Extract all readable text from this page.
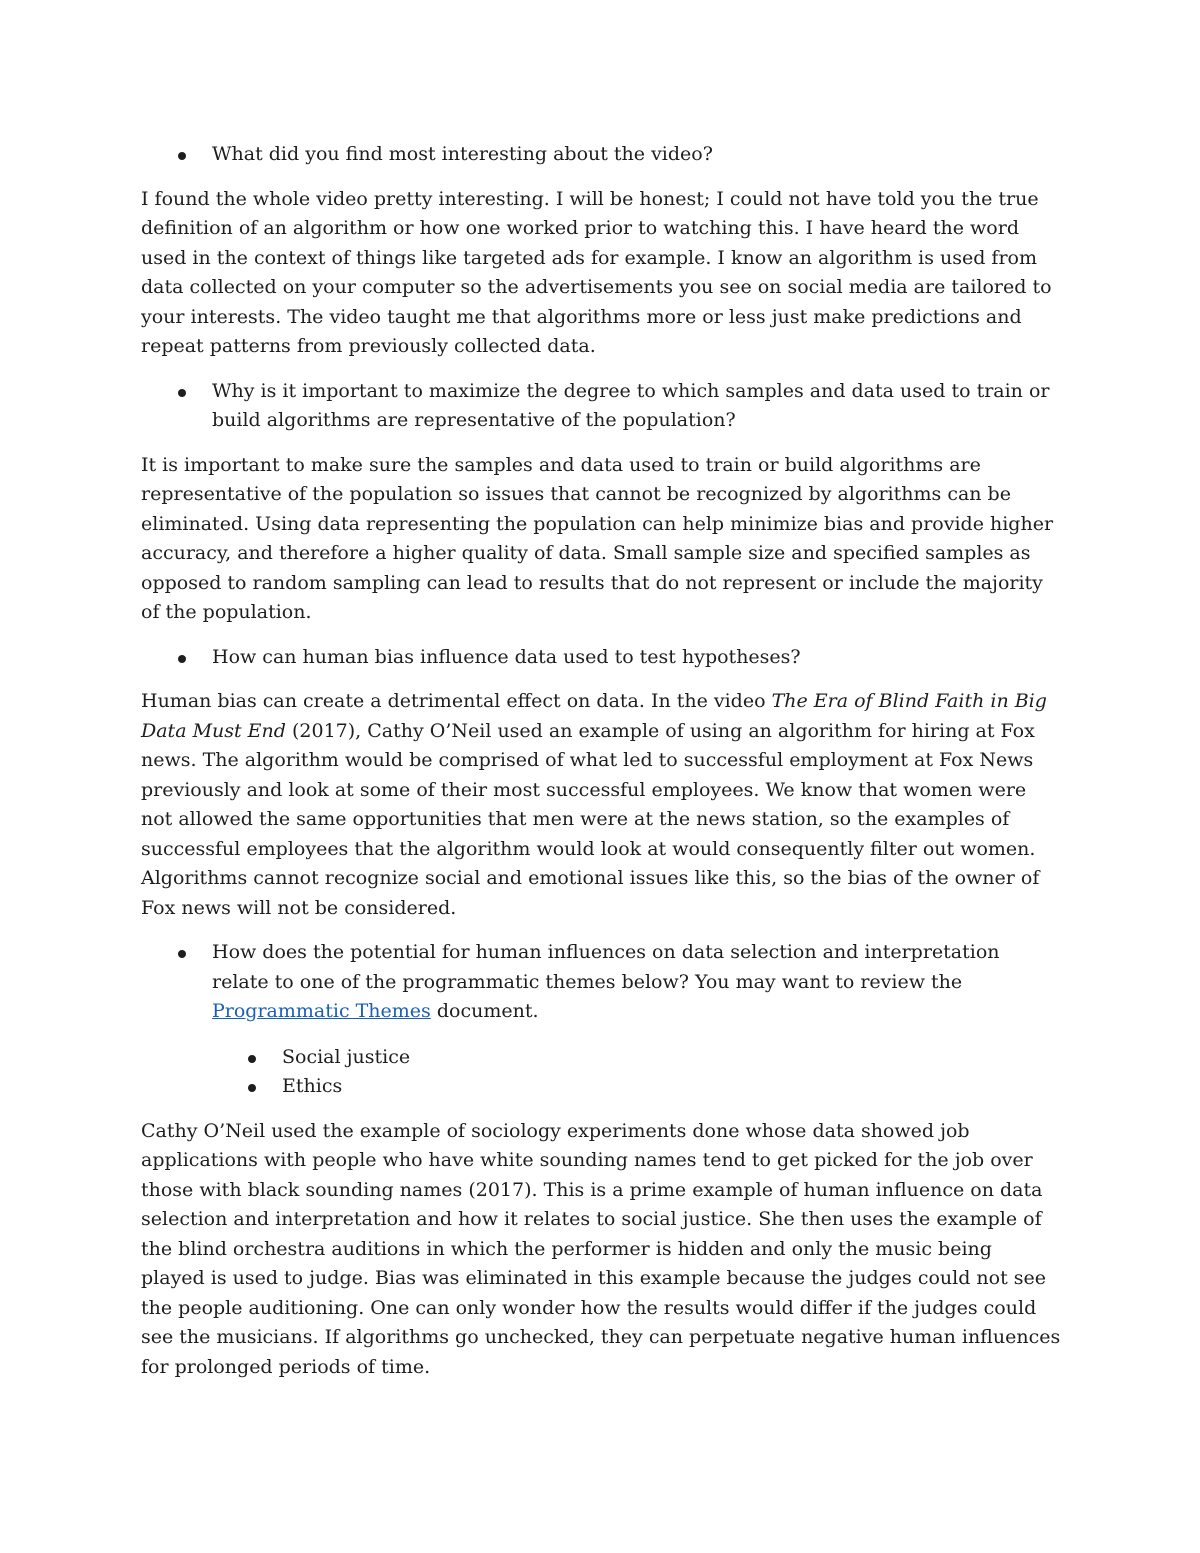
What did you find most interesting about the video?

I found the whole video pretty interesting. I will be honest; I could not have told you the true definition of an algorithm or how one worked prior to watching this. I have heard the word used in the context of things like targeted ads for example. I know an algorithm is used from data collected on your computer so the advertisements you see on social media are tailored to your interests. The video taught me that algorithms more or less just make predictions and repeat patterns from previously collected data.

Why is it important to maximize the degree to which samples and data used to train or build algorithms are representative of the population?

It is important to make sure the samples and data used to train or build algorithms are representative of the population so issues that cannot be recognized by algorithms can be eliminated. Using data representing the population can help minimize bias and provide higher accuracy, and therefore a higher quality of data. Small sample size and specified samples as opposed to random sampling can lead to results that do not represent or include the majority of the population.

How can human bias influence data used to test hypotheses?

Human bias can create a detrimental effect on data. In the video The Era of Blind Faith in Big Data Must End (2017), Cathy O’Neil used an example of using an algorithm for hiring at Fox news. The algorithm would be comprised of what led to successful employment at Fox News previously and look at some of their most successful employees. We know that women were not allowed the same opportunities that men were at the news station, so the examples of successful employees that the algorithm would look at would consequently filter out women. Algorithms cannot recognize social and emotional issues like this, so the bias of the owner of Fox news will not be considered.

How does the potential for human influences on data selection and interpretation relate to one of the programmatic themes below? You may want to review the Programmatic Themes document.
Social justice
Ethics

Cathy O’Neil used the example of sociology experiments done whose data showed job applications with people who have white sounding names tend to get picked for the job over those with black sounding names (2017). This is a prime example of human influence on data selection and interpretation and how it relates to social justice. She then uses the example of the blind orchestra auditions in which the performer is hidden and only the music being played is used to judge. Bias was eliminated in this example because the judges could not see the people auditioning. One can only wonder how the results would differ if the judges could see the musicians. If algorithms go unchecked, they can perpetuate negative human influences for prolonged periods of time.
